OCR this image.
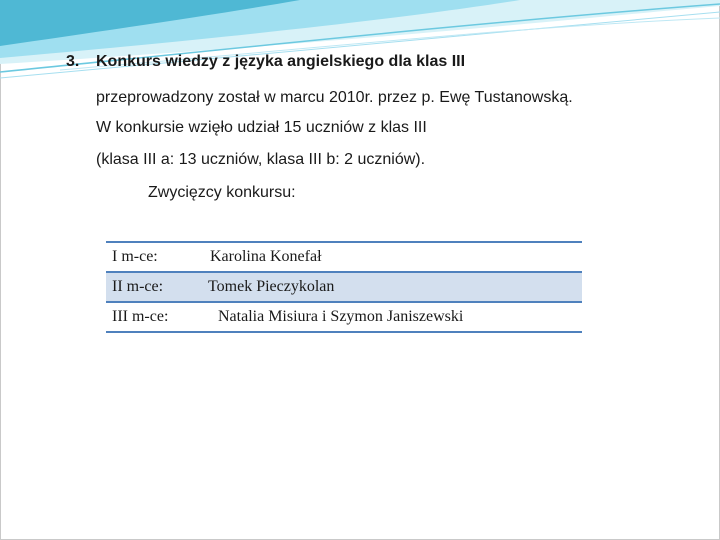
3. Konkurs wiedzy z języka angielskiego dla klas III
przeprowadzony został w marcu 2010r. przez p. Ewę Tustanowską.
W konkursie wzięło udział 15 uczniów z klas III
(klasa III a: 13 uczniów, klasa III b: 2 uczniów).
Zwycięzcy konkursu:
I m-ce:	Karolina Konefał
II m-ce:	Tomek Pieczykolan
III m-ce:	Natalia Misiura i Szymon Janiszewski
